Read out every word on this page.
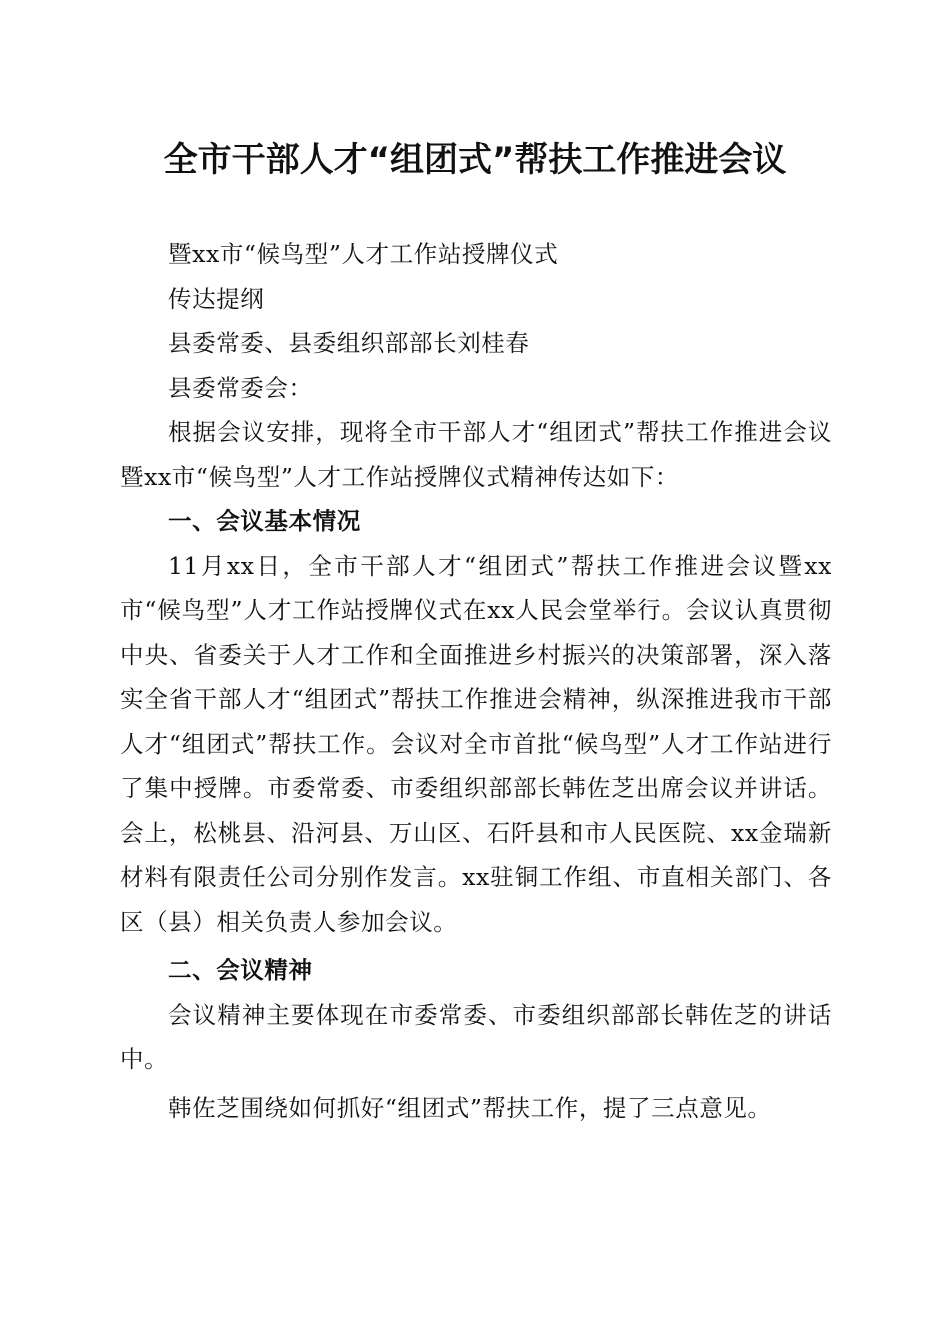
全市干部人才“组团式”帮扶工作推进会议

暨xx市“候鸟型”人才工作站授牌仪式

传达提纲

县委常委、县委组织部部长刘桂春

县委常委会：

根据会议安排，现将全市干部人才“组团式”帮扶工作推进会议暨xx市“候鸟型”人才工作站授牌仪式精神传达如下：

一、会议基本情况

11月xx日，全市干部人才“组团式”帮扶工作推进会议暨xx市“候鸟型”人才工作站授牌仪式在xx人民会堂举行。会议认真贯彻中央、省委关于人才工作和全面推进乡村振兴的决策部署，深入落实全省干部人才“组团式”帮扶工作推进会精神，纵深推进我市干部人才“组团式”帮扶工作。会议对全市首批“候鸟型”人才工作站进行了集中授牌。市委常委、市委组织部部长韩佐芝出席会议并讲话。会上，松桃县、沿河县、万山区、石阡县和市人民医院、xx金瑞新材料有限责任公司分别作发言。xx驻铜工作组、市直相关部门、各区（县）相关负责人参加会议。

二、会议精神

会议精神主要体现在市委常委、市委组织部部长韩佐芝的讲话中。

韩佐芝围绕如何抓好“组团式”帮扶工作，提了三点意见。
